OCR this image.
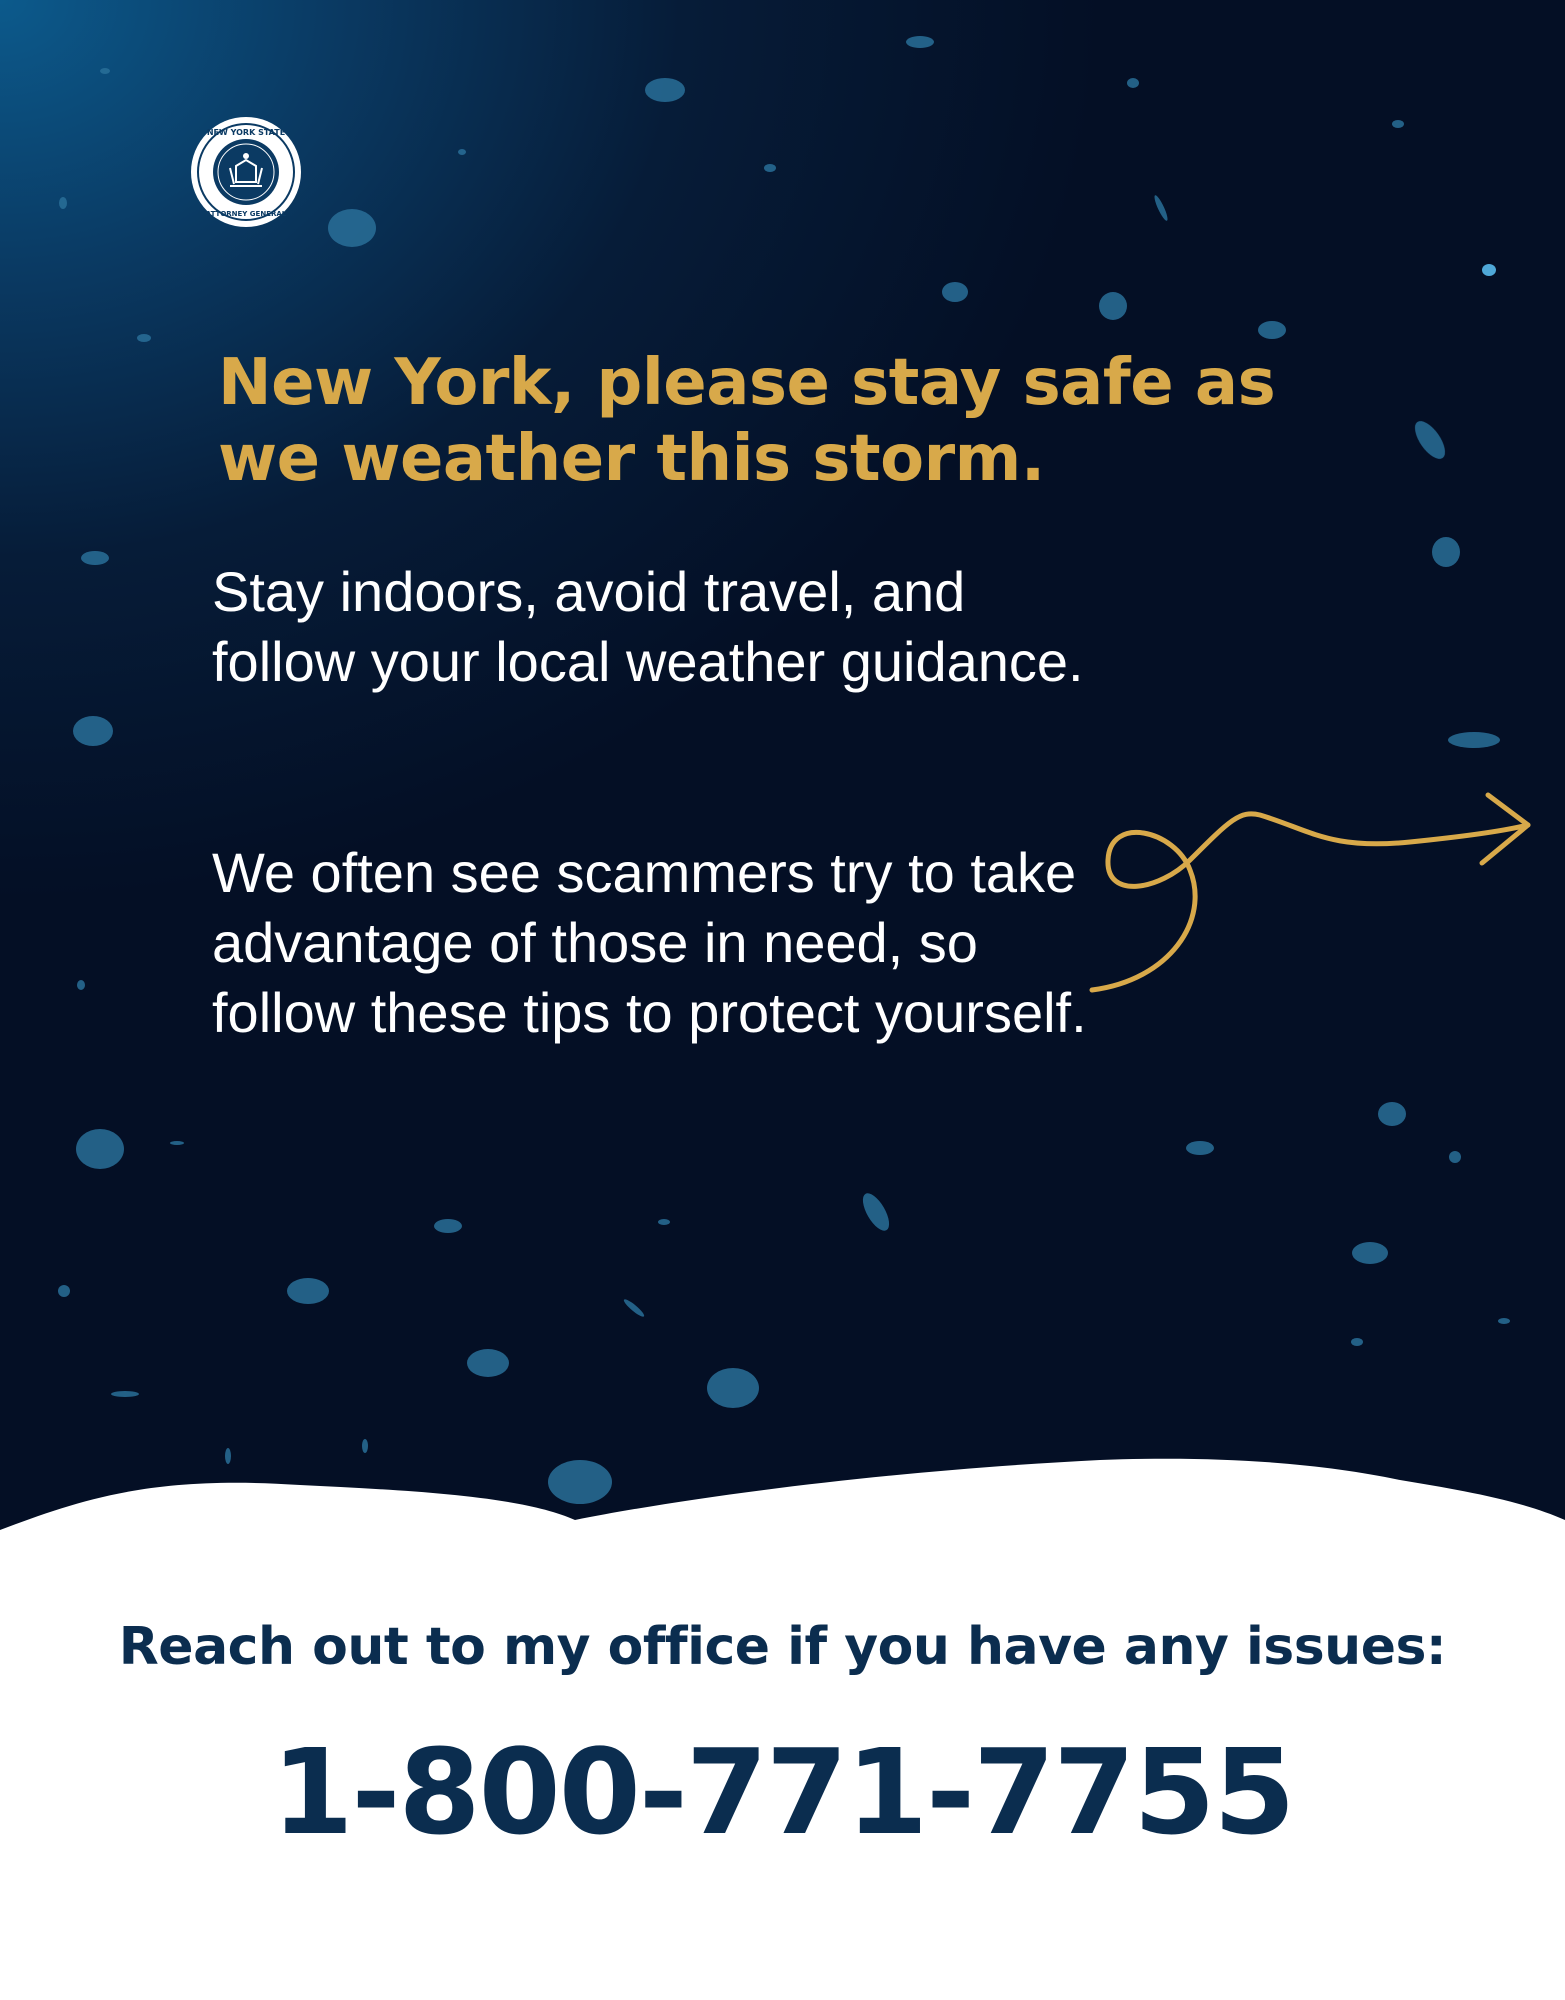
NEW YORK STATE
ATTORNEY GENERAL
New York, please stay safe as we weather this storm.

Stay indoors, avoid travel, and follow your local weather guidance.

We often see scammers try to take advantage of those in need, so follow these tips to protect yourself.

Reach out to my office if you have any issues:

1-800-771-7755
